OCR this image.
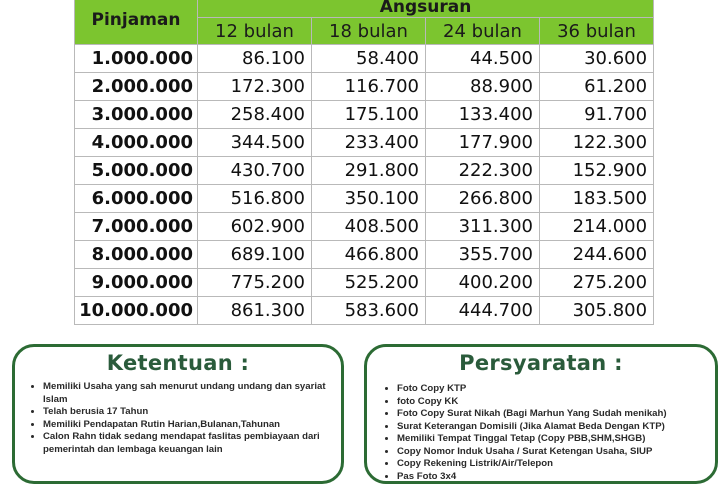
Pinjaman	Angsuran			
	12 bulan	18 bulan	24 bulan	36 bulan
1.000.000	86.100	58.400	44.500	30.600
2.000.000	172.300	116.700	88.900	61.200
3.000.000	258.400	175.100	133.400	91.700
4.000.000	344.500	233.400	177.900	122.300
5.000.000	430.700	291.800	222.300	152.900
6.000.000	516.800	350.100	266.800	183.500
7.000.000	602.900	408.500	311.300	214.000
8.000.000	689.100	466.800	355.700	244.600
9.000.000	775.200	525.200	400.200	275.200
10.000.000	861.300	583.600	444.700	305.800
Ketentuan :
• Memiliki Usaha yang sah menurut undang undang dan syariat Islam
• Telah berusia 17 Tahun
• Memiliki Pendapatan Rutin Harian,Bulanan,Tahunan
• Calon Rahn tidak sedang mendapat faslitas pembiayaan dari pemerintah dan lembaga keuangan lain
Persyaratan :
• Foto Copy KTP
• foto Copy KK
• Foto Copy Surat Nikah (Bagi Marhun Yang Sudah menikah)
• Surat Keterangan Domisili (Jika Alamat Beda Dengan KTP)
• Memiliki Tempat Tinggal Tetap (Copy PBB,SHM,SHGB)
• Copy Nomor Induk Usaha / Surat Ketengan Usaha, SIUP
• Copy Rekening Listrik/Air/Telepon
• Pas Foto 3x4
